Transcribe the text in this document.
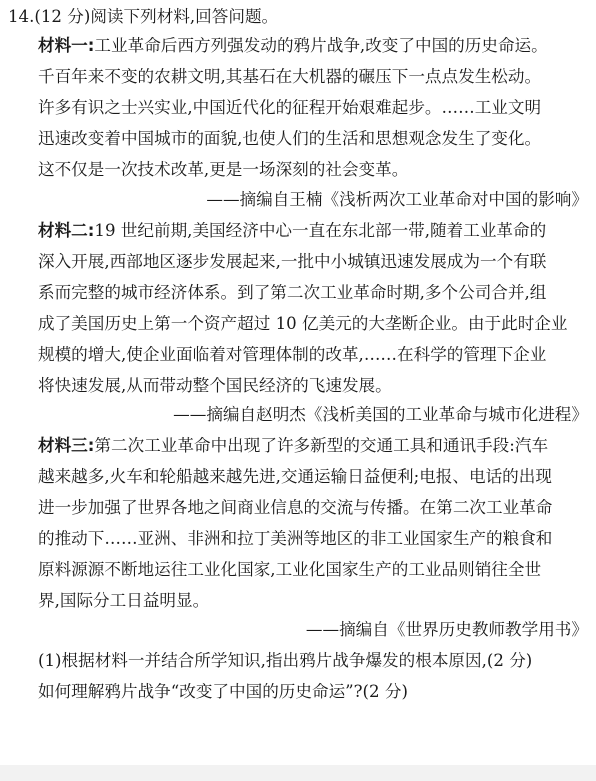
14.(12 分)阅读下列材料,回答问题。
材料一:工业革命后西方列强发动的鸦片战争,改变了中国的历史命运。
千百年来不变的农耕文明,其基石在大机器的碾压下一点点发生松动。
许多有识之士兴实业,中国近代化的征程开始艰难起步。……工业文明
迅速改变着中国城市的面貌,也使人们的生活和思想观念发生了变化。
这不仅是一次技术改革,更是一场深刻的社会变革。
——摘编自王楠《浅析两次工业革命对中国的影响》
材料二:19 世纪前期,美国经济中心一直在东北部一带,随着工业革命的
深入开展,西部地区逐步发展起来,一批中小城镇迅速发展成为一个有联
系而完整的城市经济体系。到了第二次工业革命时期,多个公司合并,组
成了美国历史上第一个资产超过 10 亿美元的大垄断企业。由于此时企业
规模的增大,使企业面临着对管理体制的改革,……在科学的管理下企业
将快速发展,从而带动整个国民经济的飞速发展。
——摘编自赵明杰《浅析美国的工业革命与城市化进程》
材料三:第二次工业革命中出现了许多新型的交通工具和通讯手段:汽车
越来越多,火车和轮船越来越先进,交通运输日益便利;电报、电话的出现
进一步加强了世界各地之间商业信息的交流与传播。在第二次工业革命
的推动下……亚洲、非洲和拉丁美洲等地区的非工业国家生产的粮食和
原料源源不断地运往工业化国家,工业化国家生产的工业品则销往全世
界,国际分工日益明显。
——摘编自《世界历史教师教学用书》
(1)根据材料一并结合所学知识,指出鸦片战争爆发的根本原因,(2 分)
如何理解鸦片战争“改变了中国的历史命运”?(2 分)
